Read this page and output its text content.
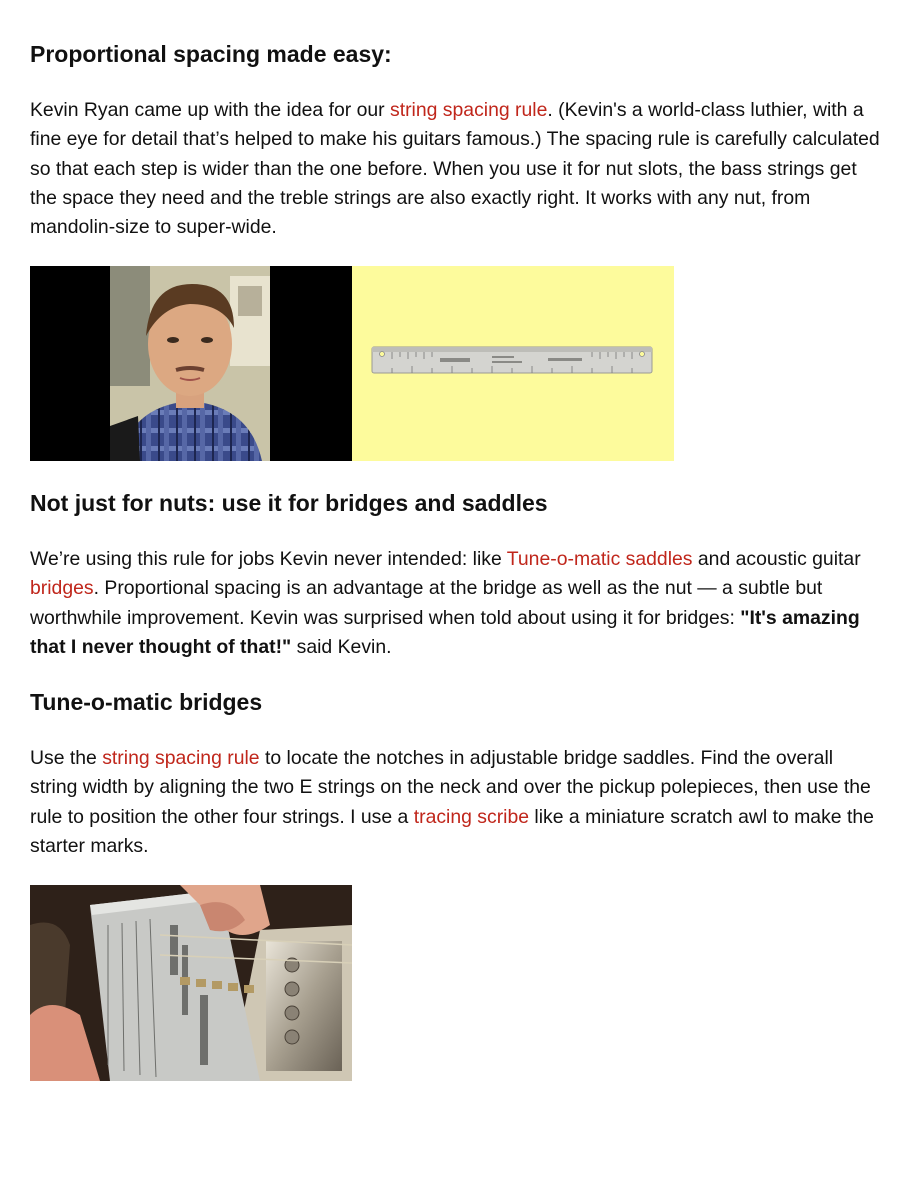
Proportional spacing made easy:

Kevin Ryan came up with the idea for our string spacing rule. (Kevin's a world-class luthier, with a fine eye for detail that’s helped to make his guitars famous.) The spacing rule is carefully calculated so that each step is wider than the one before. When you use it for nut slots, the bass strings get the space they need and the treble strings are also exactly right. It works with any nut, from mandolin-size to super-wide.

Not just for nuts: use it for bridges and saddles

We’re using this rule for jobs Kevin never intended: like Tune-o-matic saddles and acoustic guitar bridges. Proportional spacing is an advantage at the bridge as well as the nut — a subtle but worthwhile improvement. Kevin was surprised when told about using it for bridges: "It's amazing that I never thought of that!" said Kevin.

Tune-o-matic bridges

Use the string spacing rule to locate the notches in adjustable bridge saddles. Find the overall string width by aligning the two E strings on the neck and over the pickup polepieces, then use the rule to position the other four strings. I use a tracing scribe like a miniature scratch awl to make the starter marks.
